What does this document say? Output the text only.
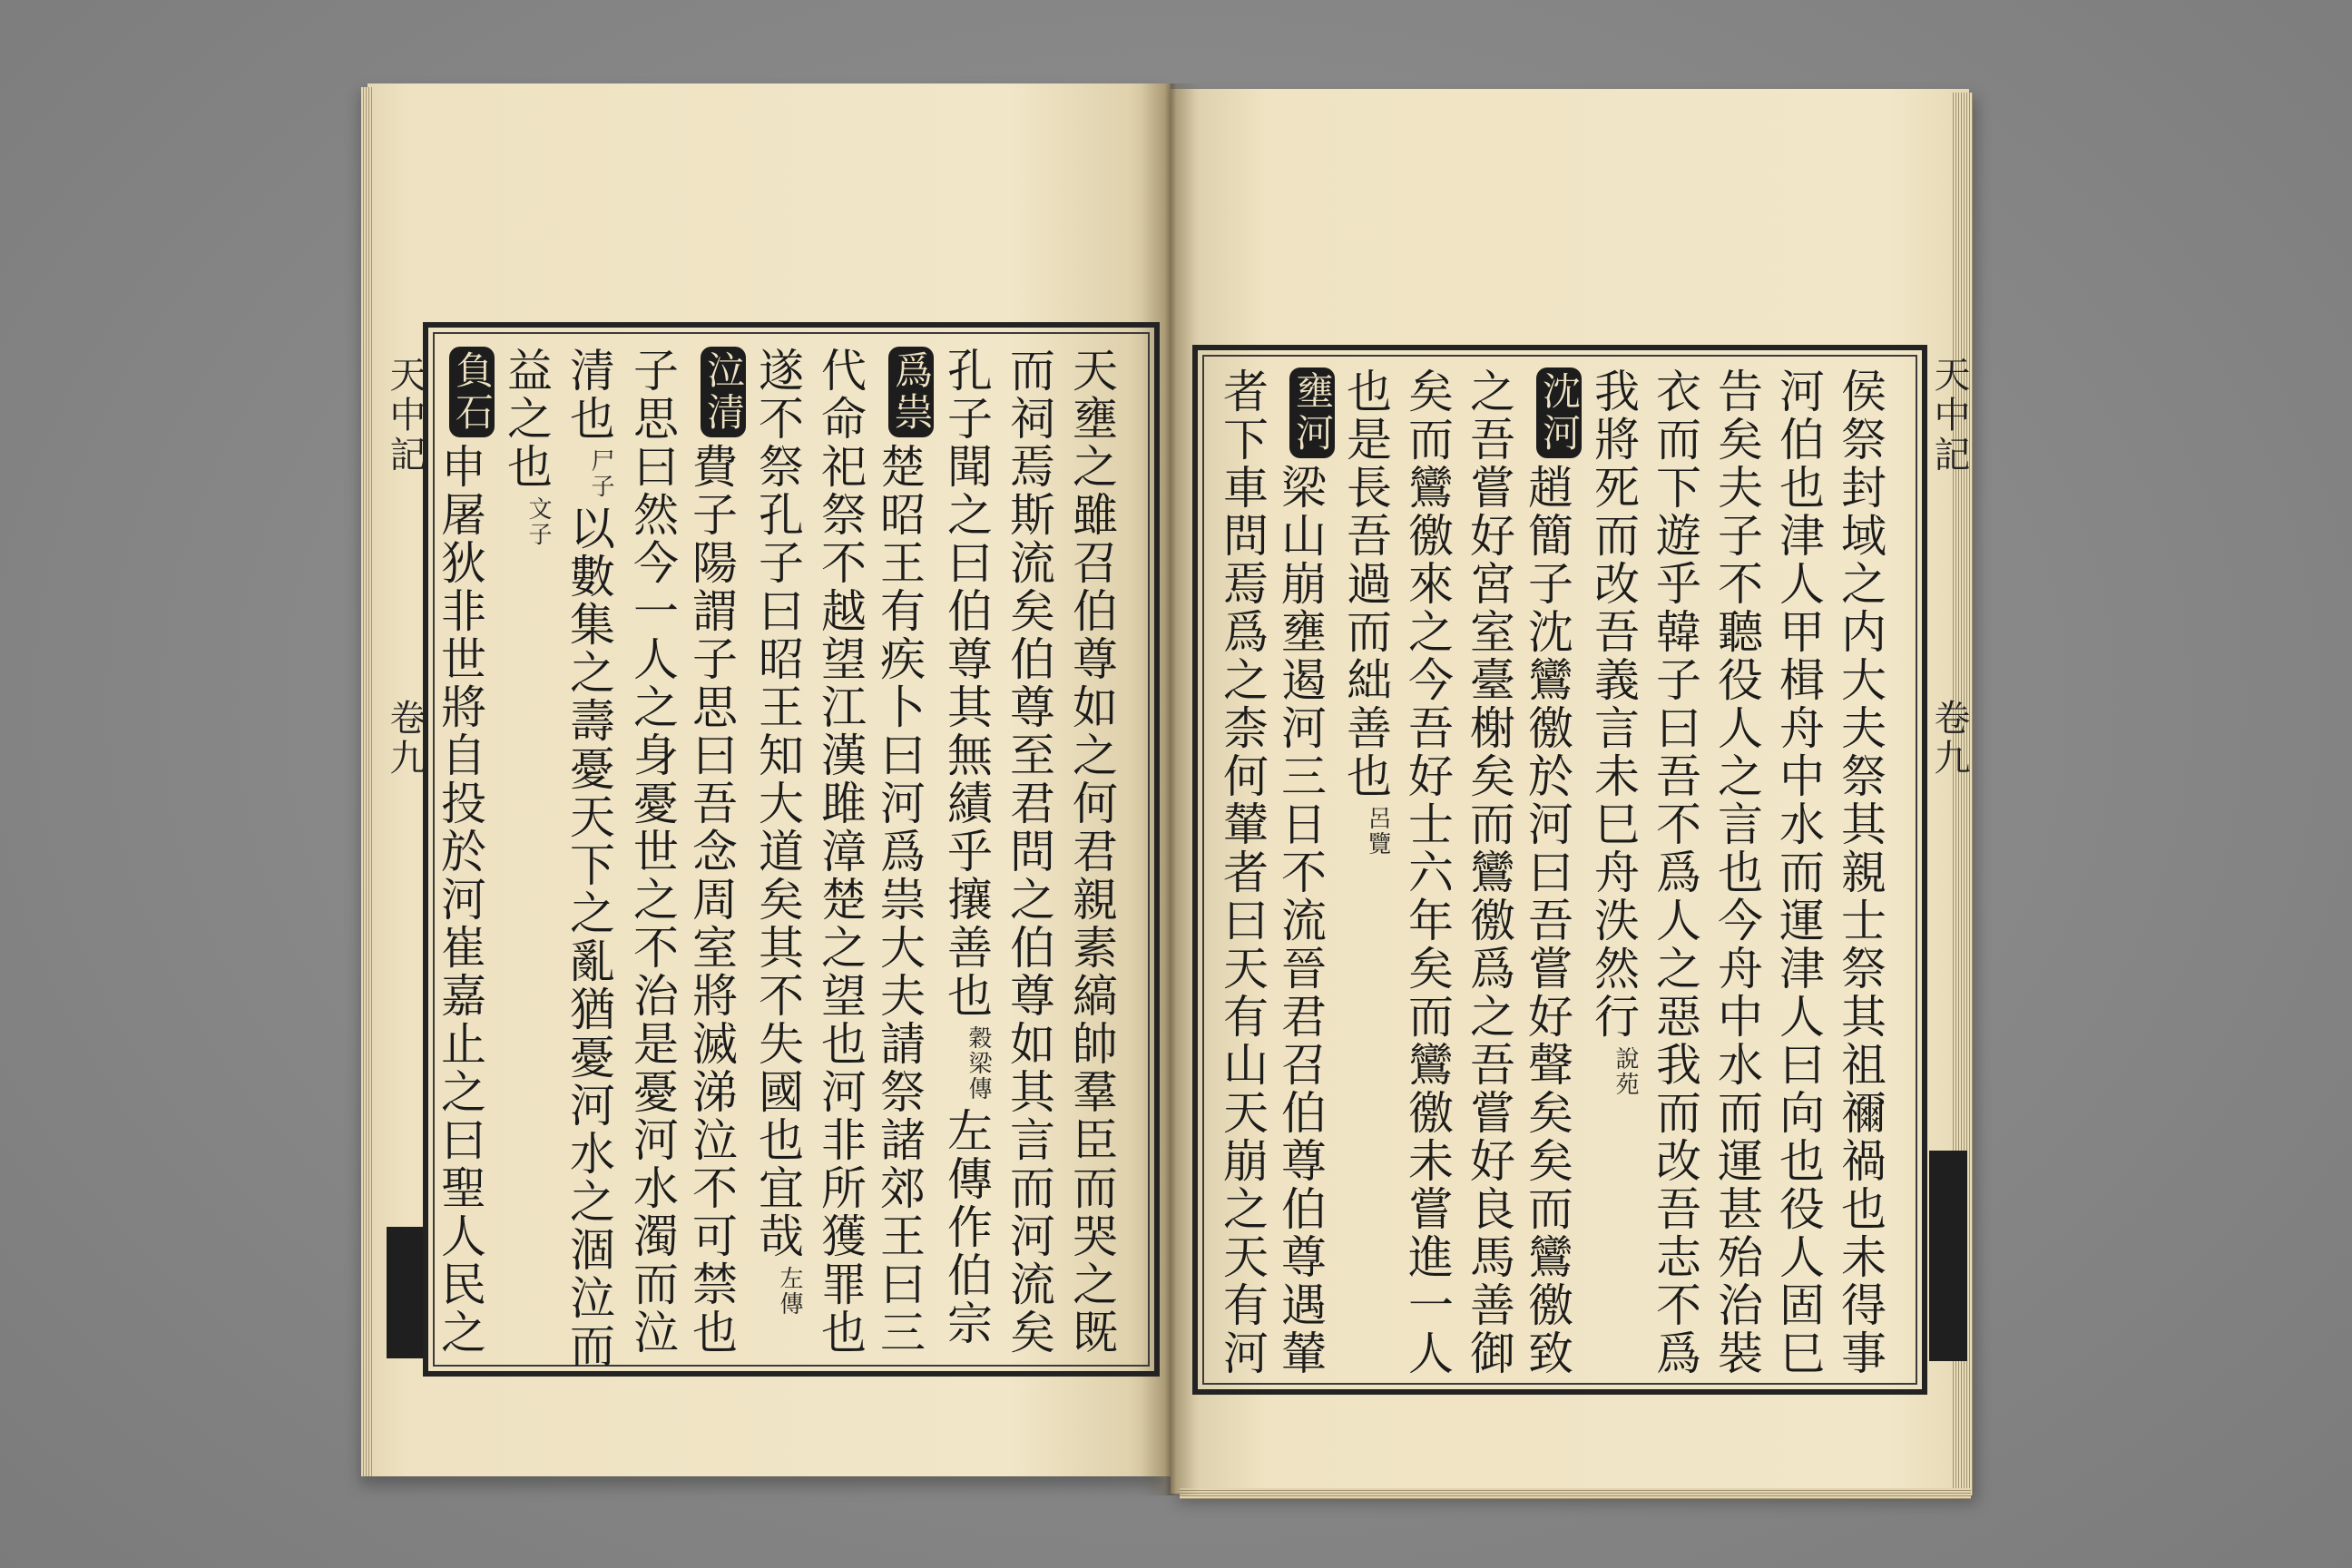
天中記
卷九
天中記
卷九
侯祭封域之内大夫祭其親士祭其祖禰禍也未得事
河伯也津人甲楫舟中水而運津人曰向也役人固巳
告矣夫子不聽役人之言也今舟中水而運甚殆治裝
衣而下遊乎韓子曰吾不爲人之惡我而改吾志不爲
我將死而改吾義言未巳舟泆然行說苑
沈河趙簡子沈鸞徼於河曰吾嘗好聲矣矣而鸞徼致
之吾嘗好宮室臺榭矣而鸞徼爲之吾嘗好良馬善御
矣而鸞徼來之今吾好士六年矣而鸞徼未嘗進一人
也是長吾過而絀善也呂覽
壅河梁山崩壅遏河三日不流晉君召伯尊伯尊遇輦
者下車問焉爲之柰何輦者曰天有山天崩之天有河
天壅之雖召伯尊如之何君親素縞帥羣臣而哭之既
而祠焉斯流矣伯尊至君問之伯尊如其言而河流矣
孔子聞之曰伯尊其無績乎攘善也穀梁傳左傳作伯宗
爲祟楚昭王有疾卜曰河爲祟大夫請祭諸郊王曰三
代命祀祭不越望江漢雎漳楚之望也河非所獲罪也
遂不祭孔子曰昭王知大道矣其不失國也宜哉左傳
泣清費子陽謂子思曰吾念周室將滅涕泣不可禁也
子思曰然今一人之身憂世之不治是憂河水濁而泣
清也尸子以數集之壽憂天下之亂猶憂河水之涸泣而
益之也文子
負石申屠狄非世將自投於河崔嘉止之曰聖人民之
